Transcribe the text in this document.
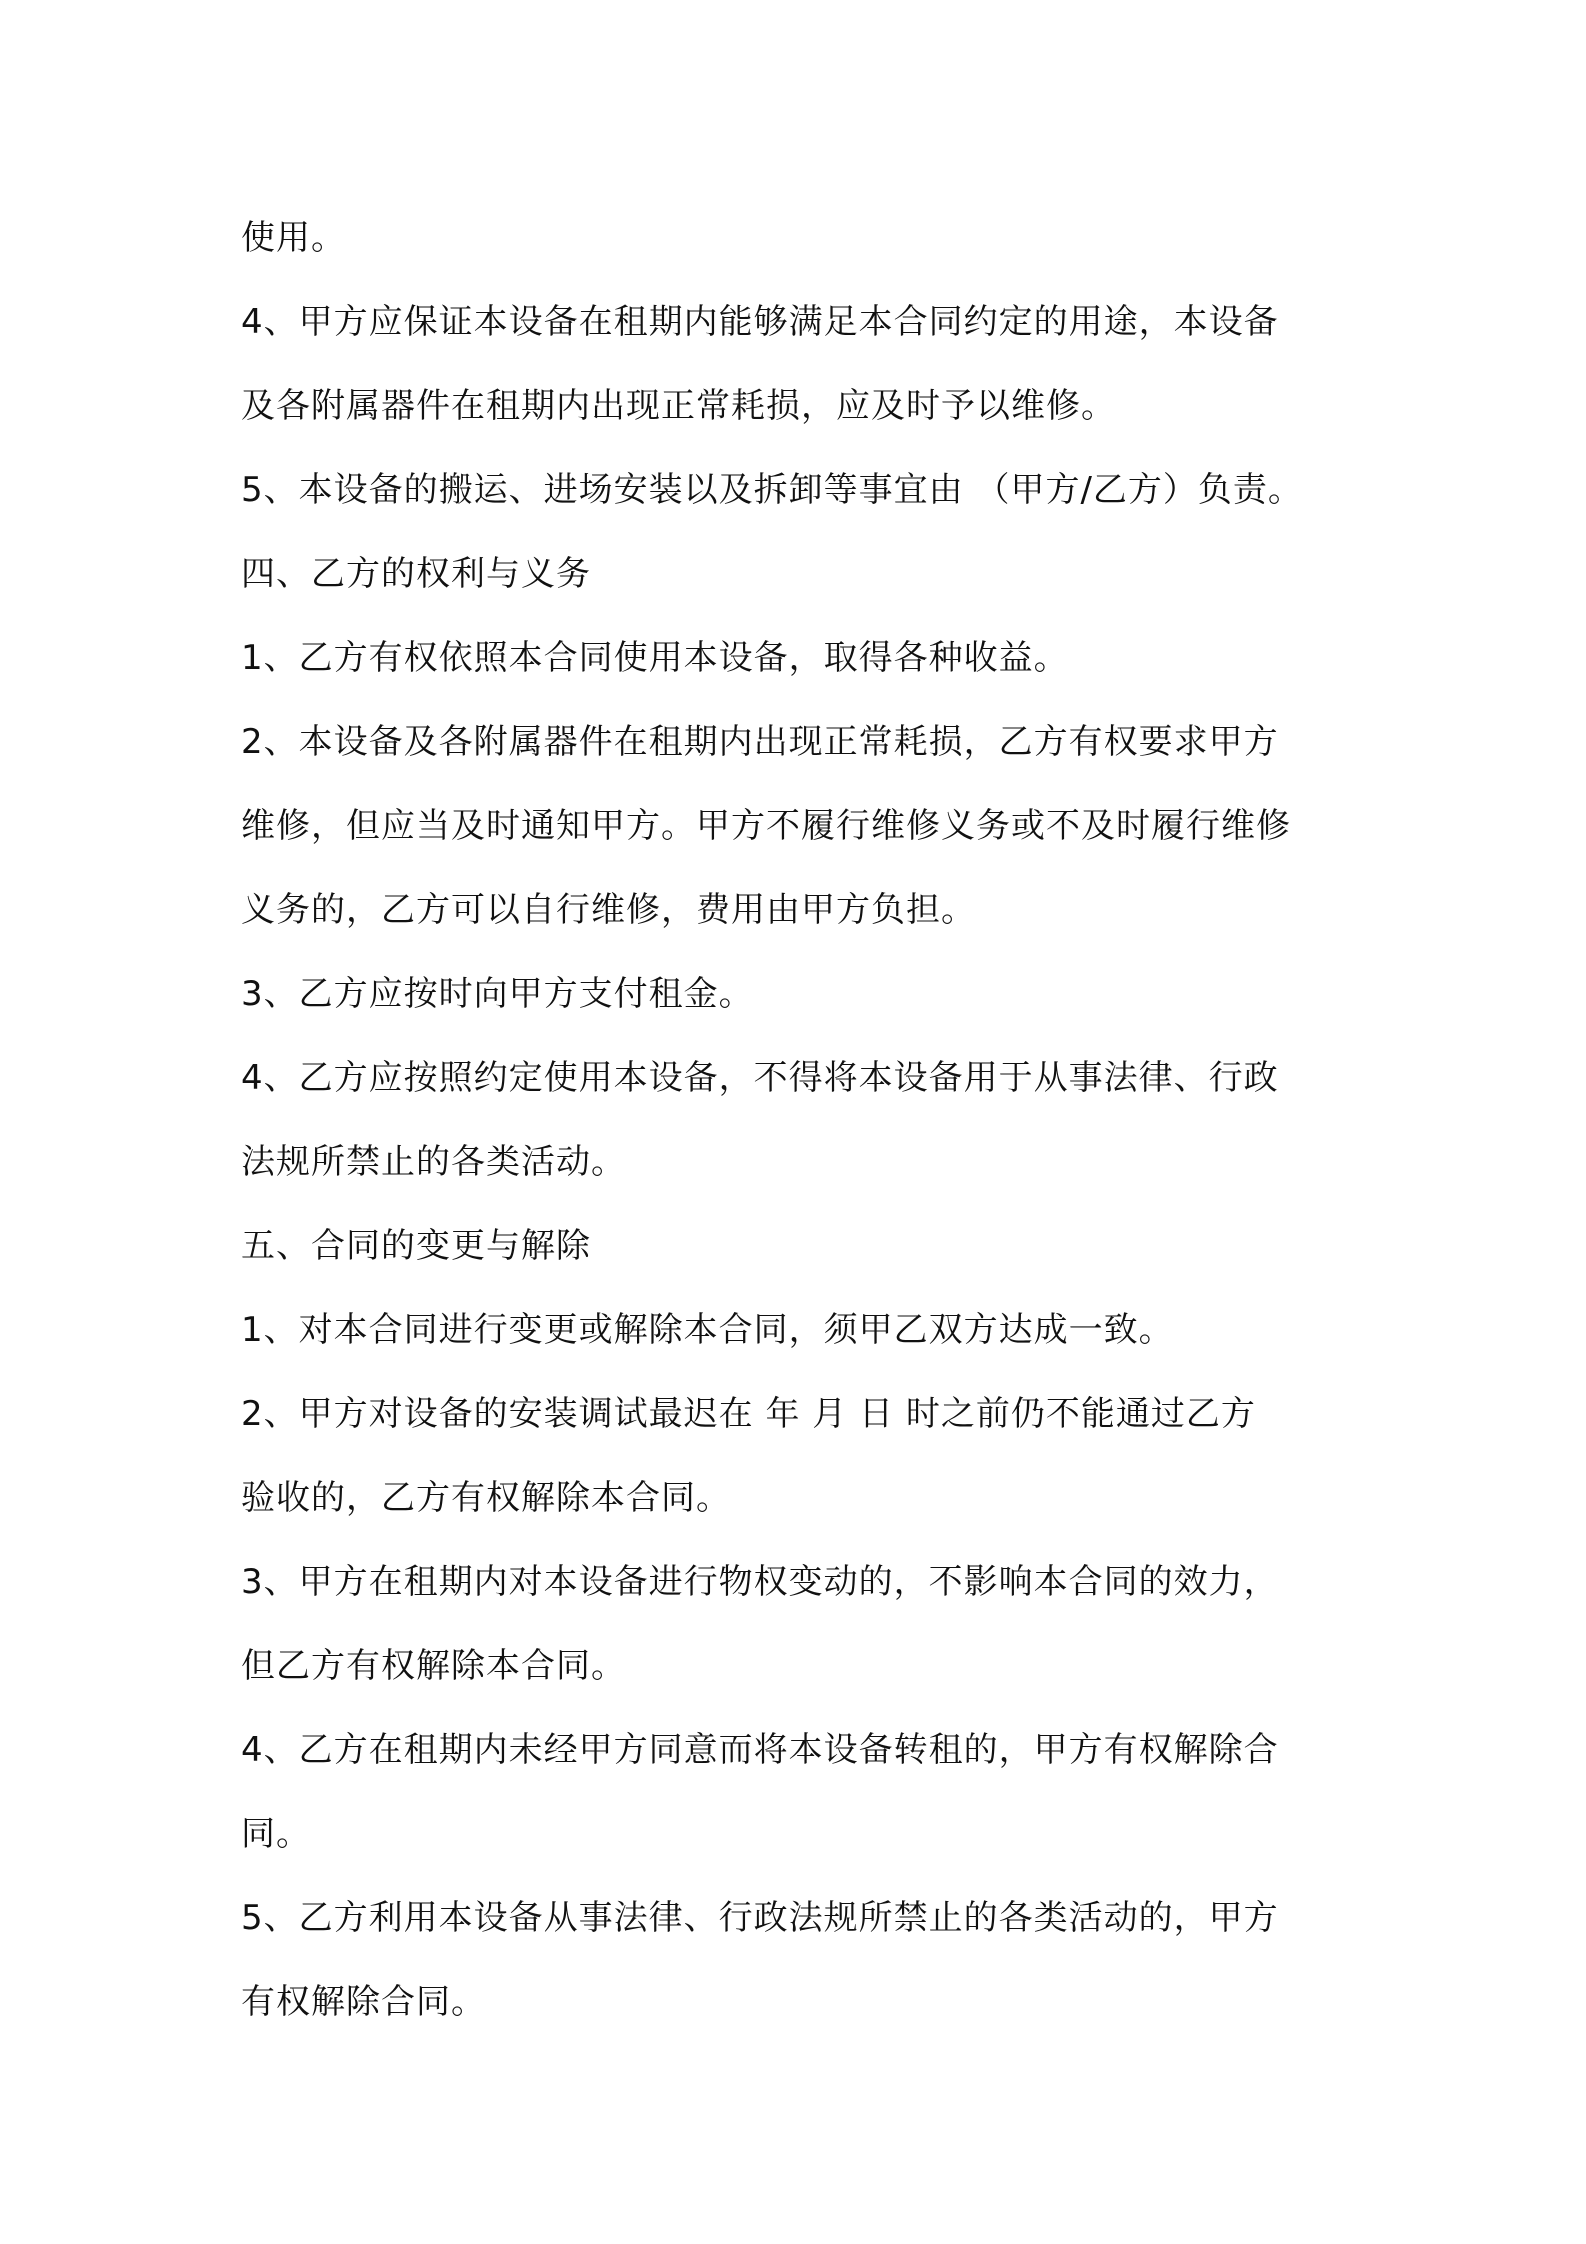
使用。
4、甲方应保证本设备在租期内能够满足本合同约定的用途，本设备
及各附属器件在租期内出现正常耗损，应及时予以维修。
5、本设备的搬运、进场安装以及拆卸等事宜由 （甲方/乙方）负责。
四、乙方的权利与义务
1、乙方有权依照本合同使用本设备，取得各种收益。
2、本设备及各附属器件在租期内出现正常耗损，乙方有权要求甲方
维修，但应当及时通知甲方。甲方不履行维修义务或不及时履行维修
义务的，乙方可以自行维修，费用由甲方负担。
3、乙方应按时向甲方支付租金。
4、乙方应按照约定使用本设备，不得将本设备用于从事法律、行政
法规所禁止的各类活动。
五、合同的变更与解除
1、对本合同进行变更或解除本合同，须甲乙双方达成一致。
2、甲方对设备的安装调试最迟在 年 月 日 时之前仍不能通过乙方
验收的，乙方有权解除本合同。
3、甲方在租期内对本设备进行物权变动的，不影响本合同的效力，
但乙方有权解除本合同。
4、乙方在租期内未经甲方同意而将本设备转租的，甲方有权解除合
同。
5、乙方利用本设备从事法律、行政法规所禁止的各类活动的，甲方
有权解除合同。
